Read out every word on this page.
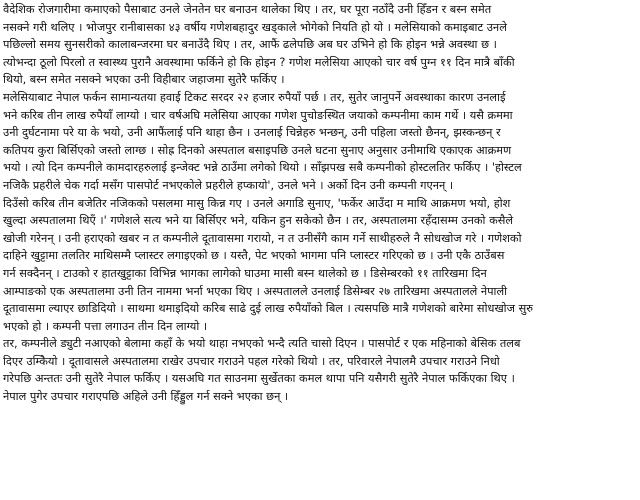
वैदेशिक रोजगारीमा कमाएको पैसाबाट उनले जेनतेन घर बनाउन थालेका थिए । तर, घर पूरा नठाँदै उनी हिँडन र बस्न समेत
नसक्ने गरी थलिए । भोजपुर रानीबासका ४३ वर्षीय गणेशबहादुर खड्काले भोगेको नियति हो यो । मलेसियाको कमाइबाट उनले
पछिल्लो समय सुनसरीको कालाबन्जरमा घर बनाउँदै थिए । तर, आफैं ढलेपछि अब घर उभिने हो कि होइन भन्ने अवस्था छ ।
त्योभन्दा ठूलो पिरलो त स्वास्थ्य पुरानै अवस्थामा फर्किने हो कि होइन ? गणेश मलेसिया आएको चार वर्ष पुग्न ११ दिन मात्रै बाँकी
थियो, बस्न समेत नसक्ने भएका उनी विहीबार जहाजमा सुतेरै फर्किए ।
मलेसियाबाट नेपाल फर्कन सामान्यतया हवाई टिकट सरदर २२ हजार रुपैयाँ पर्छ । तर, सुतेर जानुपर्ने अवस्थाका कारण उनलाई
भने करिब तीन लाख रुपैयाँ लाग्यो । चार वर्षअघि मलेसिया आएका गणेश पुचोङस्थित जयाको कम्पनीमा काम गर्थे । यसै क्रममा
उनी दुर्घटनामा परे या के भयो, उनी आफैंलाई पनि थाहा छैन । उनलाई चिन्नेहरु भन्छन्, उनी पहिला जस्तो छैनन्, झस्कन्छन् र
कतिपय कुरा बिर्सिएको जस्तो लाग्छ । सोह्र दिनको अस्पताल बसाइपछि उनले घटना सुनाए अनुसार उनीमाथि एकाएक आक्रमण
भयो । त्यो दिन कम्पनीले कामदारहरुलाई इन्जेक्ट भन्ने ठाउँमा लगेको थियो । साँझपख सबै कम्पनीको होस्टलतिर फर्किए । 'होस्टल
नजिकै प्रहरीले चेक गर्दा मसँग पासपोर्ट नभएकोले प्रहरीले हप्कायो', उनले भने । अर्को दिन उनी कम्पनी गएनन् ।
दिउँसो करिब तीन बजेतिर नजिकको पसलमा मासु किन्न गए । उनले अगाडि सुनाए, 'फर्केर आउँदा म माथि आक्रमण भयो, होश
खुल्दा अस्पतालमा थिएँ ।' गणेशले सत्य भने या बिर्सिएर भने, यकिन हुन सकेको छैन । तर, अस्पतालमा रहँदासम्म उनको कसैले
खोजी गरेनन् । उनी हराएको खबर न त कम्पनीले दूतावासमा गरायो, न त उनीसँगै काम गर्ने साथीहरुले नै सोधखोज गरे । गणेशको
दाहिने खुट्टामा तलतिर माथिसम्मै प्लास्टर लगाइएको छ । यस्तै, पेट भएको भागमा पनि प्लास्टर गरिएको छ । उनी एकै ठाउँबस
गर्न सक्दैनन् । टाउको र हातखुट्टाका विभिन्न भागका लागेको घाउमा मासी बस्न थालेको छ । डिसेम्बरको ११ तारिखमा दिन
आम्पाङको एक अस्पतालमा उनी तिन नाममा भर्ना भएका थिए । अस्पतालले उनलाई डिसेम्बर २७ तारिखमा अस्पतालले नेपाली
दूतावासमा ल्याएर छाडिदियो । साथमा थमाइदियो करिब साढे दुई लाख रुपैयाँको बिल । त्यसपछि मात्रै गणेशको बारेमा सोधखोज सुरु
भएको हो । कम्पनी पत्ता लगाउन तीन दिन लाग्यो ।
तर, कम्पनीले ड्युटी नआएको बेलामा कहाँ के भयो थाहा नभएको भन्दै त्यति चासो दिएन । पासपोर्ट र एक महिनाको बेसिक तलब
दिएर उम्किेयो । दूतावासले अस्पतालमा राखेर उपचार गराउने पहल गरेको थियो । तर, परिवारले नेपालमै उपचार गराउने निधो
गरेपछि अन्ततः उनी सुतेरै नेपाल फर्किए । यसअघि गत साउनमा सुर्खेतका कमल थापा पनि यसैगरी सुतेरै नेपाल फर्किएका थिए ।
नेपाल पुगेर उपचार गराएपछि अहिले उनी हिँड्डुल गर्न सक्ने भएका छन् ।
